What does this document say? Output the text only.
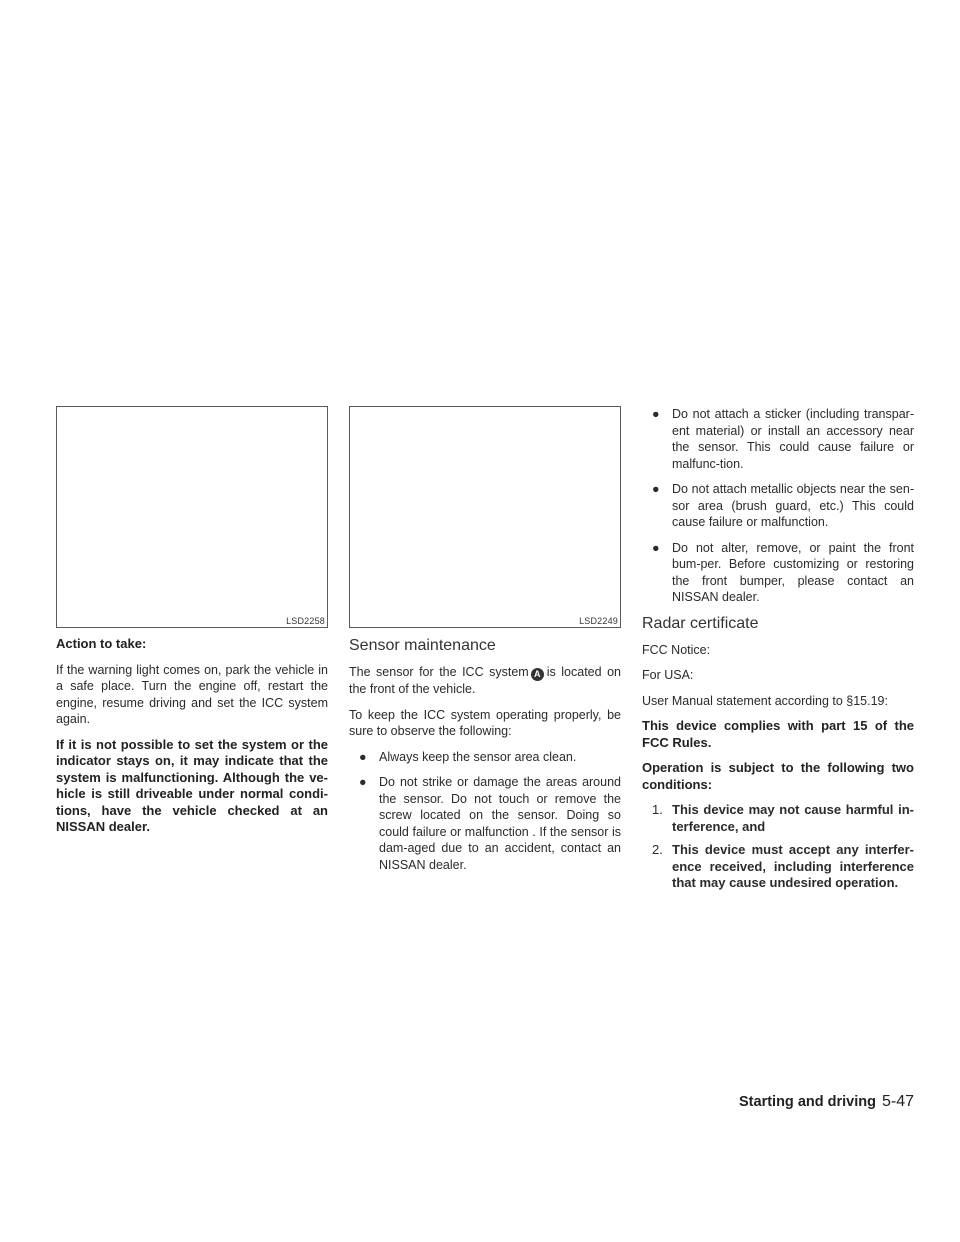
LSD2258	LSD2249

Action to take:

If the warning light comes on, park the vehicle in a safe place. Turn the engine off, restart the engine, resume driving and set the ICC system again.

If it is not possible to set the system or the indicator stays on, it may indicate that the system is malfunctioning. Although the ve-hicle is still driveable under normal condi-tions, have the vehicle checked at an NISSAN dealer.

Sensor maintenance

The sensor for the ICC system A is located on the front of the vehicle.

To keep the ICC system operating properly, be sure to observe the following:

● Always keep the sensor area clean.
● Do not strike or damage the areas around the sensor. Do not touch or remove the screw located on the sensor. Doing so could failure or malfunction . If the sensor is dam-aged due to an accident, contact an NISSAN dealer.
● Do not attach a sticker (including transpar-ent material) or install an accessory near the sensor. This could cause failure or malfunc-tion.
● Do not attach metallic objects near the sen-sor area (brush guard, etc.) This could cause failure or malfunction.
● Do not alter, remove, or paint the front bum-per. Before customizing or restoring the front bumper, please contact an NISSAN dealer.
Radar certificate

FCC Notice:

For USA:

User Manual statement according to §15.19:

This device complies with part 15 of the FCC Rules.

Operation is subject to the following two conditions:

1. This device may not cause harmful in-terference, and
2. This device must accept any interfer-ence received, including interference that may cause undesired operation.
Starting and driving 5-47
